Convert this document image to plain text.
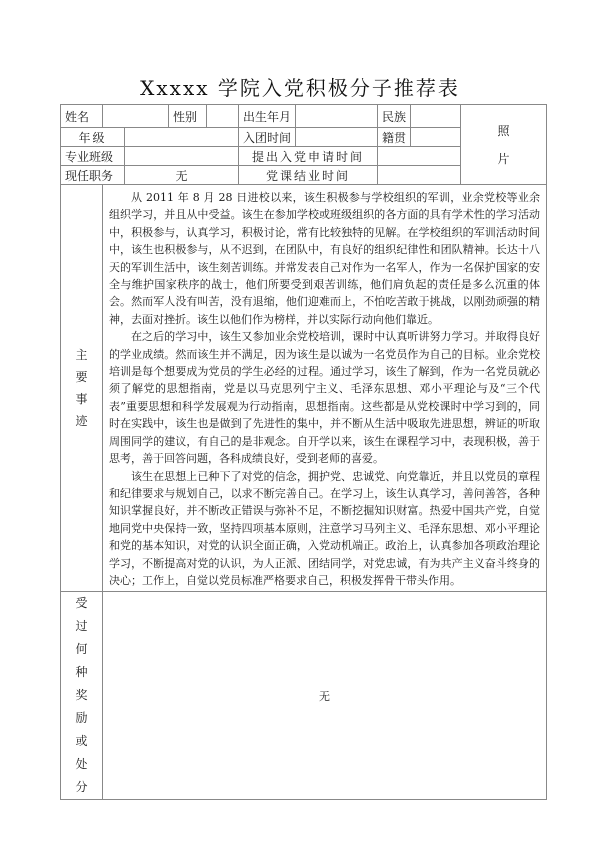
Xxxxx 学院入党积极分子推荐表
姓名			性别		出生年月		民族		照
片

年级					入团时间		籍贯		
专业班级					提出入党申请时间				
现任职务		无			党课结业时间				

主
要
事
迹

从 2011 年 8 月 28 日进校以来，该生积极参与学校组织的军训，业余党校等业余组织学习，并且从中受益。该生在参加学校或班级组织的各方面的具有学术性的学习活动中，积极参与，认真学习，积极讨论，常有比较独特的见解。在学校组织的军训活动时间中，该生也积极参与，从不迟到，在团队中，有良好的组织纪律性和团队精神。长达十八天的军训生活中，该生刻苦训练。并常发表自己对作为一名军人，作为一名保护国家的安全与维护国家秩序的战士，他们所要受到艰苦训练，他们肩负起的责任是多么沉重的体会。然而军人没有叫苦，没有退缩，他们迎难而上，不怕吃苦敢于挑战，以刚劲顽强的精神，去面对挫折。该生以他们作为榜样，并以实际行动向他们靠近。

在之后的学习中，该生又参加业余党校培训，课时中认真听讲努力学习。并取得良好的学业成绩。然而该生并不满足，因为该生是以诚为一名党员作为自己的目标。业余党校培训是每个想要成为党员的学生必经的过程。通过学习，该生了解到，作为一名党员就必须了解党的思想指南，党是以马克思列宁主义、毛泽东思想、邓小平理论与及“三个代表”重要思想和科学发展观为行动指南，思想指南。这些都是从党校课时中学习到的，同时在实践中，该生也是做到了先进性的集中，并不断从生活中吸取先进思想，辨证的听取周围同学的建议，有自己的是非观念。自开学以来，该生在课程学习中，表现积极，善于思考，善于回答问题，各科成绩良好，受到老师的喜爱。

该生在思想上已种下了对党的信念，拥护党、忠诚党、向党靠近，并且以党员的章程和纪律要求与规划自己，以求不断完善自己。在学习上，该生认真学习，善问善答，各种知识掌握良好，并不断改正错误与弥补不足，不断挖掘知识财富。热爱中国共产党，自觉地同党中央保持一致，坚持四项基本原则，注意学习马列主义、毛泽东思想、邓小平理论和党的基本知识，对党的认识全面正确，入党动机端正。政治上，认真参加各项政治理论学习，不断提高对党的认识，为人正派、团结同学，对党忠诚，有为共产主义奋斗终身的决心；工作上，自觉以党员标准严格要求自己，积极发挥骨干带头作用。

受
过
何
种
奖
励
或
处
分
	无
